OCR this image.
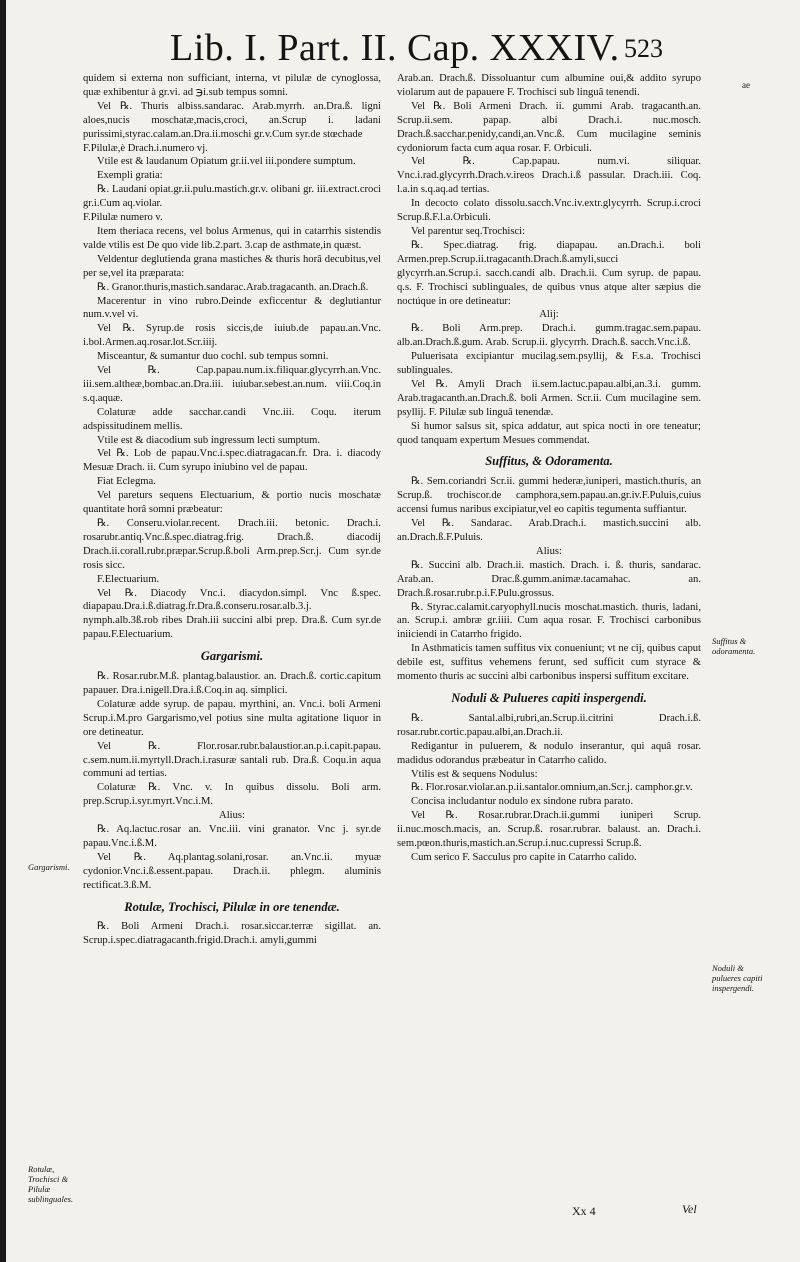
Lib. I. Part. II. Cap. XXXIV. 523
ae

quidem si externa non sufficiant, interna, vt pilulæ de cynoglossa, quæ exhibentur à gr.vi. ad ℈i.sub tempus somni.

Vel ℞. Thuris albiss.sandarac. Arab.myrrh. an.Dra.ß. ligni aloes,nucis moschatæ,macis,croci, an.Scrup i. ladani purissimi,styrac.calam.an.Dra.ii.moschi gr.v.Cum syr.de stœchade

F.Pilulæ,è Drach.i.numero vj.

Vtile est & laudanum Opiatum gr.ii.vel iii.pondere sumptum.

Exempli gratia:

℞. Laudani opiat.gr.ii.pulu.mastich.gr.v. olibani gr. iii.extract.croci gr.i.Cum aq.violar.

F.Pilulæ numero v.

Item theriaca recens, vel bolus Armenus, qui in catarrhis sistendis valde vtilis est De quo vide lib.2.part. 3.cap de asthmate,in quæst.

Veldentur deglutienda grana mastiches & thuris horâ decubitus,vel per se,vel ita præparata:

℞. Granor.thuris,mastich.sandarac.Arab.tragacanth. an.Drach.ß.

Macerentur in vino rubro.Deinde exficcentur & deglutiantur num.v.vel vi.

Vel ℞. Syrup.de rosis siccis,de iuiub.de papau.an.Vnc. i.bol.Armen.aq.rosar.lot.Scr.iiij.

Misceantur, & sumantur duo cochl. sub tempus somni.

Vel ℞. Cap.papau.num.ix.filiquar.glycyrrh.an.Vnc. iii.sem.altheæ,bombac.an.Dra.iii. iuiubar.sebest.an.num. viii.Coq.in s.q.aquæ.

Colaturæ adde sacchar.candi Vnc.iii. Coqu. iterum adspissitudinem mellis.

Vtile est & diacodium sub ingressum lecti sumptum.

Vel ℞. Lob de papau.Vnc.i.spec.diatragacan.fr. Dra. i. diacody Mesuæ Drach. ii. Cum syrupo iniubino vel de papau.

Fiat Eclegma.

Vel pareturs sequens Electuarium, & portio nucis moschatæ quantitate horâ somni præbeatur:

℞. Conseru.violar.recent. Drach.iii. betonic. Drach.i. rosarubr.antiq.Vnc.ß.spec.diatrag.frig. Drach.ß. diacodij Drach.ii.corall.rubr.præpar.Scrup.ß.boli Arm.prep.Scr.j. Cum syr.de rosis sicc.

F.Electuarium.

Vel ℞. Diacody Vnc.i. diacydon.simpl. Vnc ß.spec. diapapau.Dra.i.ß.diatrag.fr.Dra.ß.conseru.rosar.alb.3.j. nymph.alb.3ß.rob ribes Drah.iii succini albi prep. Dra.ß. Cum syr.de papau.F.Electuarium.

Gargarismi.

℞. Rosar.rubr.M.ß. plantag.balaustior. an. Drach.ß. cortic.capitum papauer. Dra.i.nigell.Dra.i.ß.Coq.in aq. simplici.

Colaturæ adde syrup. de papau. myrthini, an. Vnc.i. boli Armeni Scrup.i.M.pro Gargarismo,vel potius sine multa agitatione liquor in ore detineatur.

Vel ℞. Flor.rosar.rubr.balaustior.an.p.i.capit.papau. c.sem.num.ii.myrtyll.Drach.i.rasuræ santali rub. Dra.ß. Coqu.in aqua communi ad tertias.

Colaturæ ℞. Vnc. v. In quibus dissolu. Boli arm. prep.Scrup.i.syr.myrt.Vnc.i.M.

Alius:

℞. Aq.lactuc.rosar an. Vnc.iii. vini granator. Vnc j. syr.de papau.Vnc.i.ß.M.

Vel ℞. Aq.plantag.solani,rosar. an.Vnc.ii. myuæ cydonior.Vnc.i.ß.essent.papau. Drach.ii. phlegm. aluminis rectificat.3.ß.M.

Rotulæ, Trochisci, Pilulæ in ore tenendæ.

℞. Boli Armeni Drach.i. rosar.siccar.terræ sigillat. an. Scrup.i.spec.diatragacanth.frigid.Drach.i. amyli,gummi

Arab.an. Drach.ß. Dissoluantur cum albumine oui,& addito syrupo violarum aut de papauere F. Trochisci sub linguâ tenendi.

Vel ℞. Boli Armeni Drach. ii. gummi Arab. tragacanth.an. Scrup.ii.sem. papap. albi Drach.i. nuc.mosch. Drach.ß.sacchar.penidy,candi,an.Vnc.ß. Cum mucilagine seminis cydoniorum facta cum aqua rosar. F. Orbiculi.

Vel ℞. Cap.papau. num.vi. siliquar. Vnc.i.rad.glycyrrh.Drach.v.ireos Drach.i.ß passular. Drach.iii. Coq. l.a.in s.q.aq.ad tertias.

In decocto colato dissolu.sacch.Vnc.iv.extr.glycyrrh. Scrup.i.croci Scrup.ß.F.l.a.Orbiculi.

Vel parentur seq.Trochisci:

℞. Spec.diatrag. frig. diapapau. an.Drach.i. boli Armen.prep.Scrup.ii.tragacanth.Drach.ß.amyli,succi glycyrrh.an.Scrup.i. sacch.candi alb. Drach.ii. Cum syrup. de papau. q.s. F. Trochisci sublinguales, de quibus vnus atque alter sæpius die noctúque in ore detineatur:

Alij:

℞. Boli Arm.prep. Drach.i. gumm.tragac.sem.papau. alb.an.Drach.ß.gum. Arab. Scrup.ii. glycyrrh. Drach.ß. sacch.Vnc.i.ß.

Puluerisata excipiantur mucilag.sem.psyllij, & F.s.a. Trochisci sublinguales.

Vel ℞. Amyli Drach ii.sem.lactuc.papau.albi,an.3.i. gumm. Arab.tragacanth.an.Drach.ß. boli Armen. Scr.ii. Cum mucilagine sem. psyllij. F. Pilulæ sub linguâ tenendæ.

Si humor salsus sit, spica addatur, aut spica nocti in ore teneatur; quod tanquam expertum Mesues commendat.

Suffitus, & Odoramenta.

℞. Sem.coriandri Scr.ii. gummi hederæ,iuniperi, mastich.thuris, an Scrup.ß. trochiscor.de camphora,sem.papau.an.gr.iv.F.Puluis,cuius accensi fumus naribus excipiatur,vel eo capitis tegumenta suffiantur.

Vel ℞. Sandarac. Arab.Drach.i. mastich.succini alb. an.Drach.ß.F.Puluis.

Alius:

℞. Succini alb. Drach.ii. mastich. Drach. i. ß. thuris, sandarac. Arab.an. Drac.ß.gumm.animæ.tacamahac. an. Drach.ß.rosar.rubr.p.i.F.Pulu.grossus.

℞. Styrac.calamit.caryophyll.nucis moschat.mastich. thuris, ladani, an. Scrup.i. ambræ gr.iiii. Cum aqua rosar. F. Trochisci carbonibus iniiciendi in Catarrho frigido.

In Asthmaticis tamen suffitus vix conueniunt; vt ne cij, quibus caput debile est, suffitus vehemens ferunt, sed sufficit cum styrace & momento thuris ac succini albi carbonibus inspersi suffitum excitare.

Noduli & Pulueres capiti inspergendi.

℞. Santal.albi,rubri,an.Scrup.ii.citrini Drach.i.ß. rosar.rubr.cortic.papau.albi,an.Drach.ii.

Redigantur in puluerem, & nodulo inserantur, qui aquâ rosar. madidus odorandus præbeatur in Catarrho calido.

Vtilis est & sequens Nodulus:

℞. Flor.rosar.violar.an.p.ii.santalor.omnium,an.Scr.j. camphor.gr.v.

Concisa includantur nodulo ex sindone rubra parato.

Vel ℞. Rosar.rubrar.Drach.ii.gummi iuniperi Scrup. ii.nuc.mosch.macis, an. Scrup.ß. rosar.rubrar. balaust. an. Drach.i. sem.pœon.thuris,mastich.an.Scrup.i.nuc.cupressi Scrup.ß.

Cum serico F. Sacculus pro capite in Catarrho calido.

Gargarismi.
Suffitus & odoramenta.
Noduli & pulueres capiti inspergendi.
Rotulæ, Trochisci & Pilulæ sublinguales.
Xx 4	Vel
